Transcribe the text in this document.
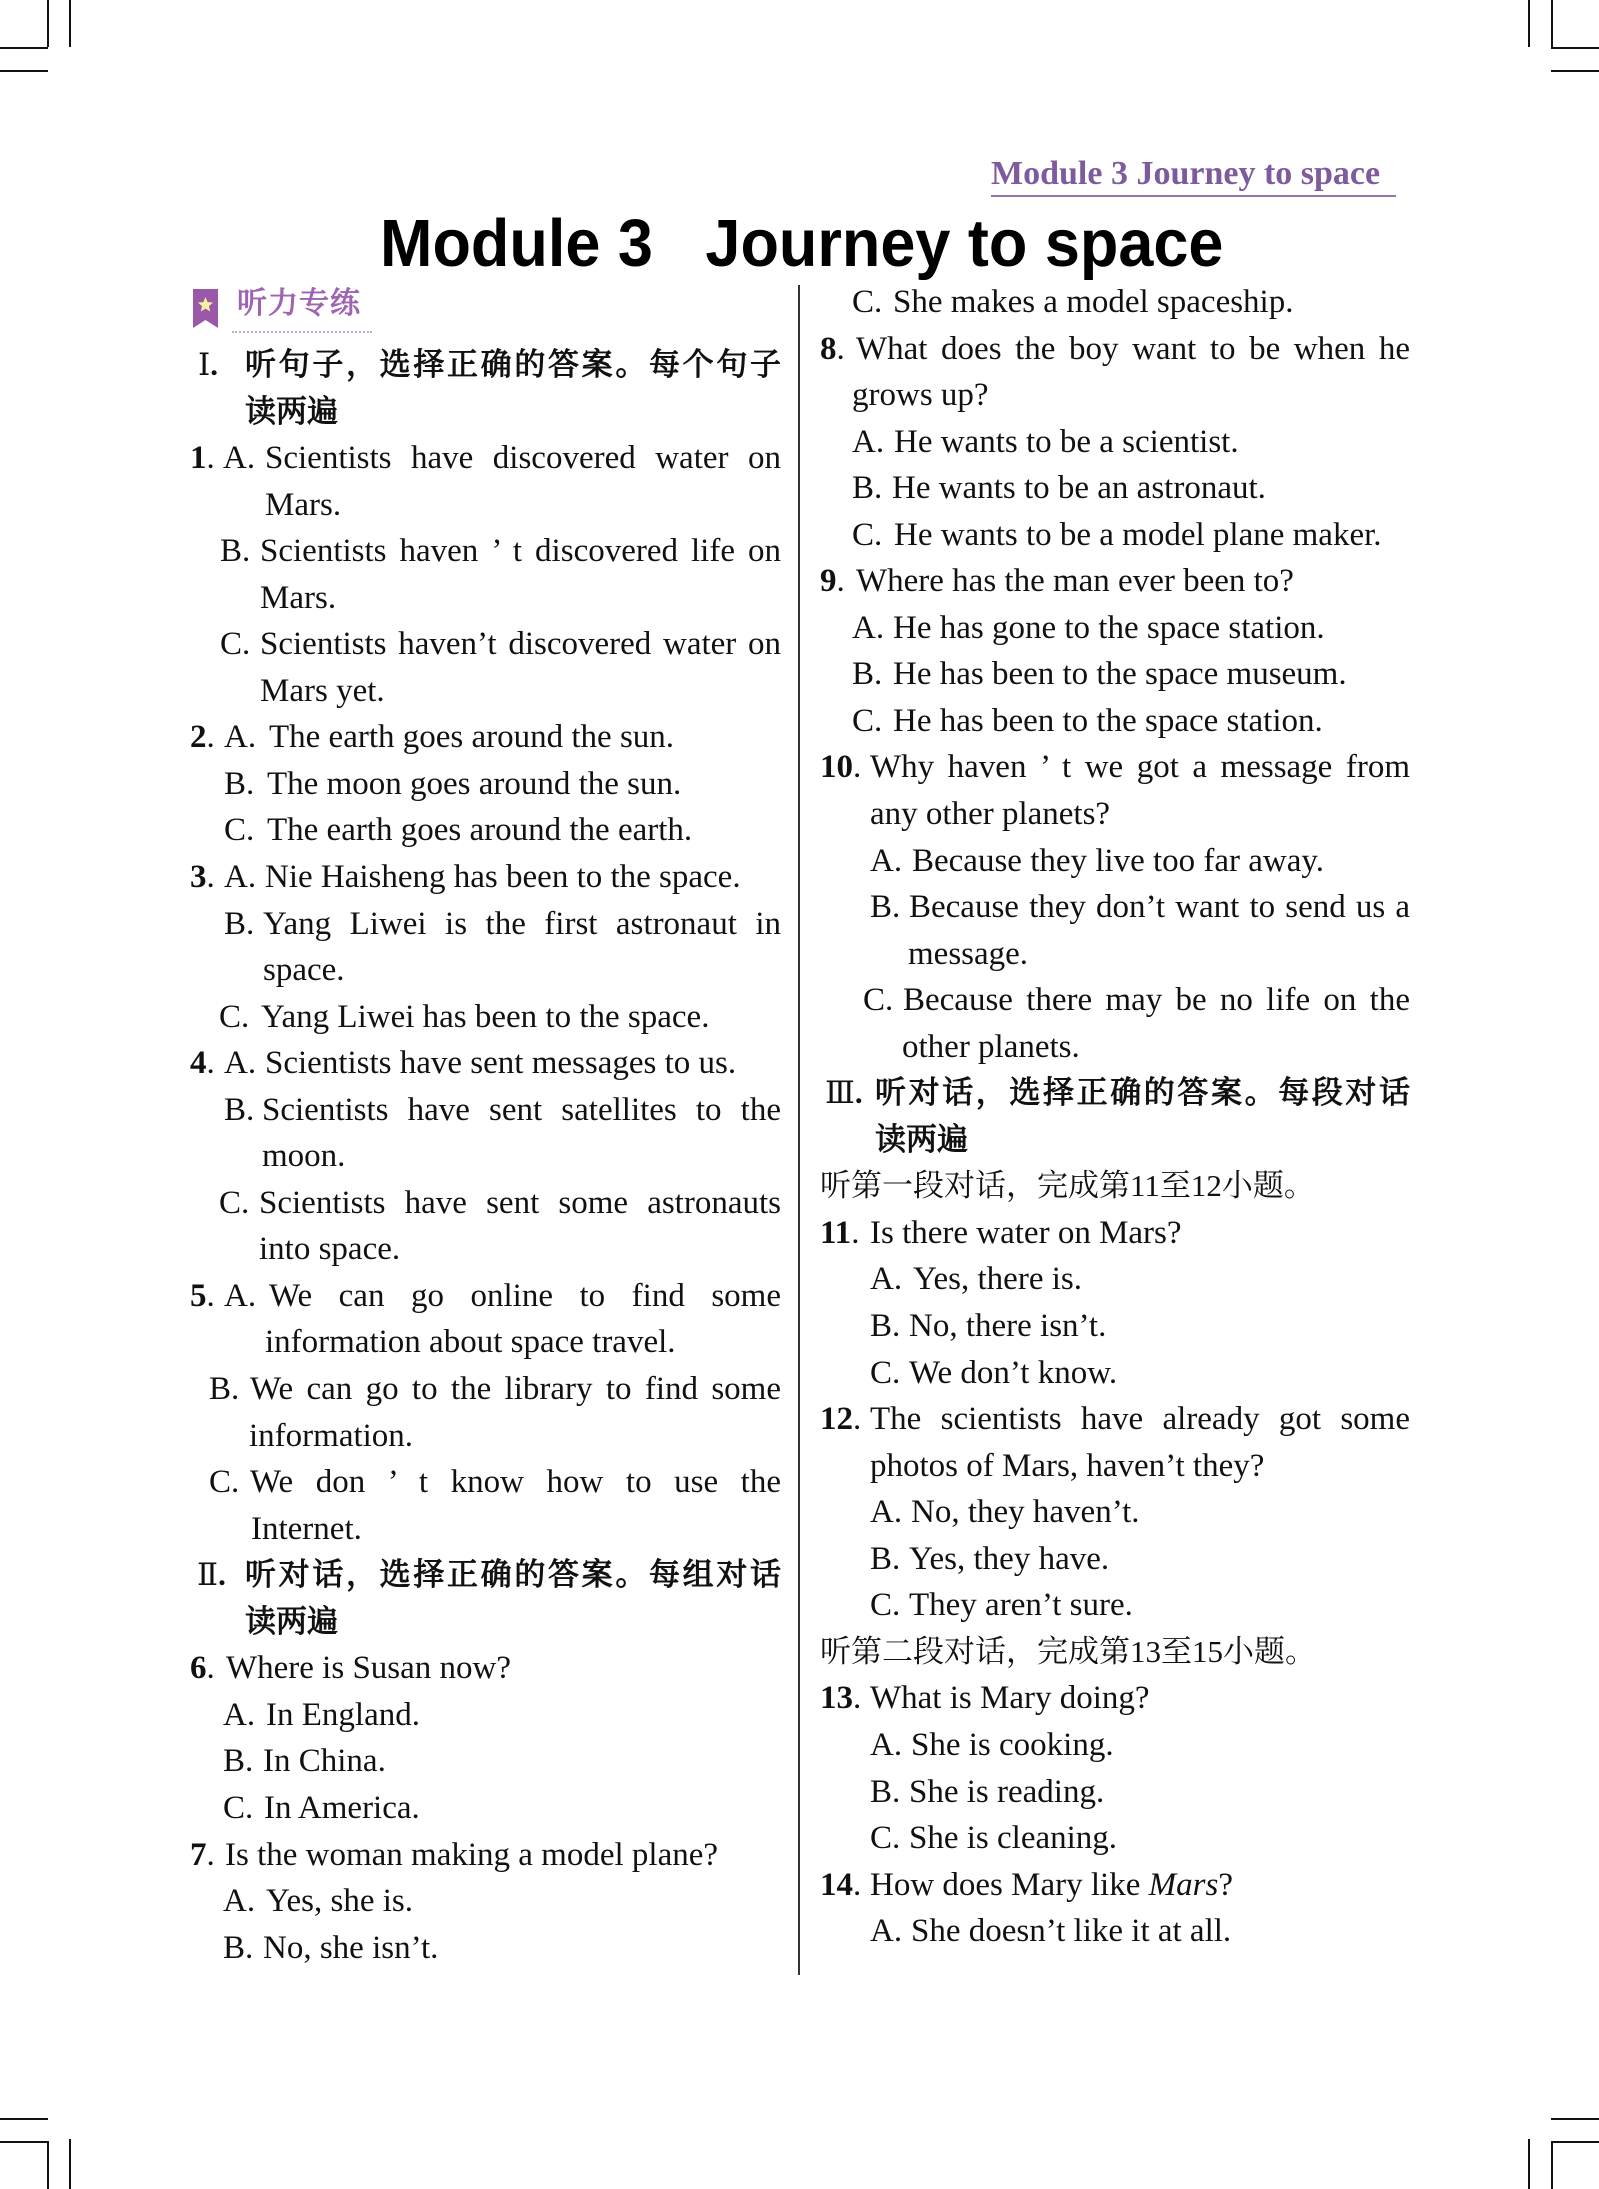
Module 3 Journey to space
Module 3   Journey to space
听力专练
Ⅰ . 听句子，选择正确的答案。每个句子
读两遍
1 . A. Scientists have discovered water on
Mars.
B. Scientists haven ’ t discovered life on
Mars.
C. Scientists haven’t discovered water on
Mars yet.
2 . A. The earth goes around the sun.
B. The moon goes around the sun.
C. The earth goes around the earth.
3 . A. Nie Haisheng has been to the space.
B. Yang Liwei is the first astronaut in
space.
C. Yang Liwei has been to the space.
4 . A. Scientists have sent messages to us.
B. Scientists have sent satellites to the
moon.
C. Scientists have sent some astronauts
into space.
5 . A. We can go online to find some
information about space travel.
B. We can go to the library to find some
information.
C. We don ’ t know how to use the
Internet.
Ⅱ . 听对话，选择正确的答案。每组对话
读两遍
6 . Where is Susan now?
A. In England.
B. In China.
C. In America.
7 . Is the woman making a model plane?
A. Yes, she is.
B. No, she isn’t.
C. She makes a model spaceship.
8 . What does the boy want to be when he
grows up?
A. He wants to be a scientist.
B. He wants to be an astronaut.
C. He wants to be a model plane maker.
9 . Where has the man ever been to?
A. He has gone to the space station.
B. He has been to the space museum.
C. He has been to the space station.
10 . Why haven ’ t we got a message from
any other planets?
A. Because they live too far away.
B. Because they don’t want to send us a
message.
C. Because there may be no life on the
other planets.
Ⅲ . 听对话，选择正确的答案。每段对话
读两遍
听第一段对话，完成第11至12小题。
11 . Is there water on Mars?
A. Yes, there is.
B. No, there isn’t.
C. We don’t know.
12 . The scientists have already got some
photos of Mars, haven’t they?
A. No, they haven’t.
B. Yes, they have.
C. They aren’t sure.
听第二段对话，完成第13至15小题。
13 . What is Mary doing?
A. She is cooking.
B. She is reading.
C. She is cleaning.
14 . How does Mary like Mars?
A. She doesn’t like it at all.
